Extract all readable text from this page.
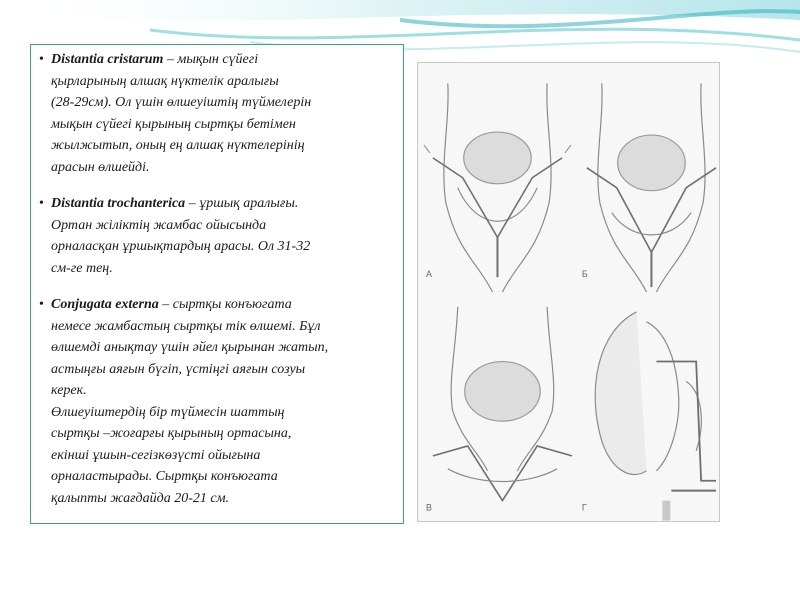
• Distantia cristarum – мықын сүйегі
қырларының алшақ нүктелік аралығы
(28-29см). Ол үшін өлшеуіштің түймелерін
мықын сүйегі қырының сыртқы бетімен
жылжытып, оның ең алшақ нүктелерінің
арасын өлшейді.
• Distantia trochanterica – ұршық аралығы.
Ортан жіліктің жамбас ойысында
орналасқан ұршықтардың арасы. Ол 31-32
см-ге тең.
• Conjugata externa – сыртқы конъюгата
немесе жамбастың сыртқы тік өлшемі. Бұл
өлшемді анықтау үшін әйел қырынан жатып,
астыңғы аяғын бүгіп, үстіңгі аяғын созуы
керек.
Өлшеуіштердің бір түймесін шаттың
сыртқы –жоғарғы қырының ортасына,
екінші ұшын-сегізкөзүсті ойығына
орналастырады. Сыртқы конъюгата
қалыпты жағдайда 20-21 см.
А	Б
В	Г
